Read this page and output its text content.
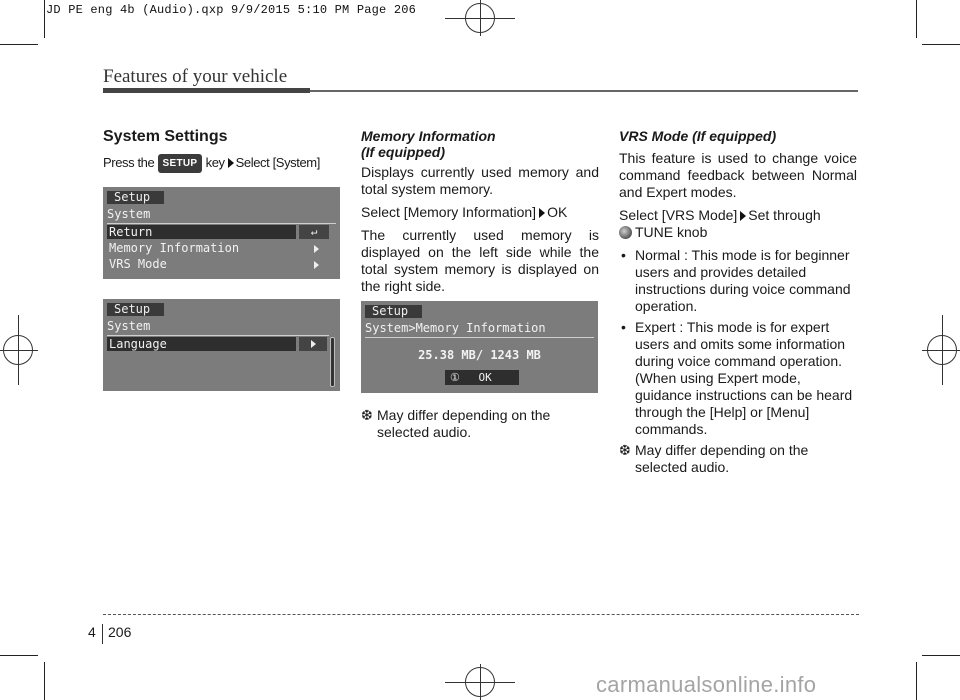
JD PE eng 4b (Audio).qxp 9/9/2015 5:10 PM Page 206
Features of your vehicle
System Settings

Press the SETUP key Select [System]

Setup
System
Return	↵
Memory Information
VRS Mode
Setup
System
Language
Memory Information
(If equipped)

Displays currently used memory and total system memory.

Select [Memory Information] OK

The currently used memory is displayed on the left side while the total system memory is displayed on the right side.

Setup
System>Memory Information
25.38 MB/ 1243 MB
① OK
❆ May differ depending on the selected audio.
VRS Mode (If equipped)

This feature is used to change voice command feedback between Normal and Expert modes.

Select [VRS Mode] Set through
TUNE knob

• Normal : This mode is for beginner users and provides detailed instructions during voice command operation.
• Expert : This mode is for expert users and omits some information during voice command operation. (When using Expert mode, guidance instructions can be heard through the [Help] or [Menu] commands.
❆ May differ depending on the selected audio.
4 206
carmanualsonline.info
